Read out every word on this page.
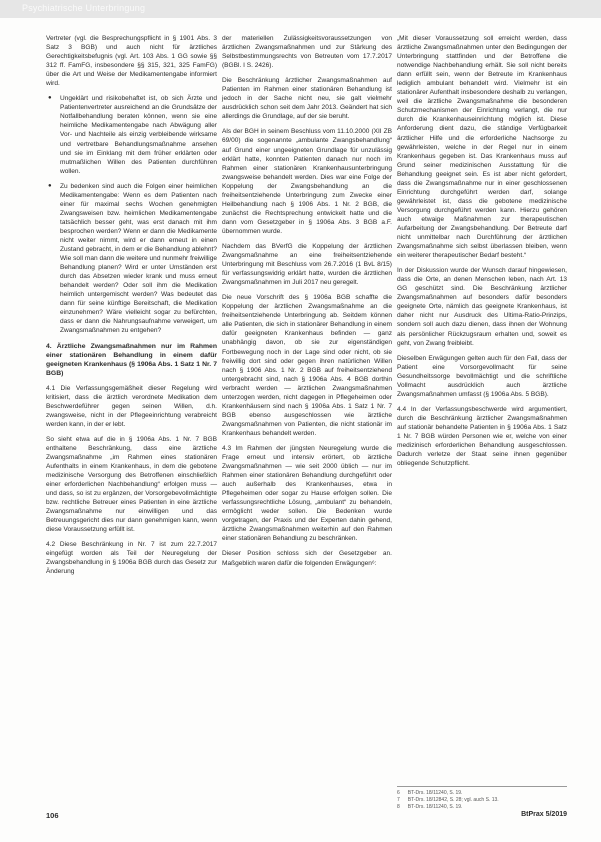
Psychiatrische Unterbringung

Vertreter (vgl. die Besprechungspflicht in § 1901 Abs. 3 Satz 3 BGB) und auch nicht für ärztliches Gerechtigkeitsbefugnis (vgl. Art. 103 Abs. 1 GG sowie §§ 312 ff. FamFG, insbesondere §§ 315, 321, 325 FamFG) über die Art und Weise der Medikamentengabe informiert wird.

● Ungeklärt und risikobehaftet ist, ob sich Ärzte und Patientenvertreter ausreichend an die Grundsätze der Notfallbehandlung beraten können, wenn sie eine heimliche Medikamentengabe nach Abwägung aller Vor- und Nachteile als einzig verbleibende wirksame und vertretbare Behandlungsmaßnahme ansehen und sie im Einklang mit dem früher erklärten oder mutmaßlichen Willen des Patienten durchführen wollen.
● Zu bedenken sind auch die Folgen einer heimlichen Medikamentengabe: Wenn es dem Patienten nach einer für maximal sechs Wochen genehmigten Zwangsweisen bzw. heimlichen Medikamentengabe tatsächlich besser geht, was erst danach mit ihm besprochen werden? Wenn er dann die Medikamente nicht weiter nimmt, wird er dann erneut in einen Zustand gebracht, in dem er die Behandlung ablehnt? Wie soll man dann die weitere und nunmehr freiwillige Behandlung planen? Wird er unter Umständen erst durch das Absetzen wieder krank und muss erneut behandelt werden? Oder soll ihm die Medikation heimlich untergemischt werden? Was bedeutet das dann für seine künftige Bereitschaft, die Medikation einzunehmen? Wäre vielleicht sogar zu befürchten, dass er dann die Nahrungsaufnahme verweigert, um Zwangsmaßnahmen zu entgehen?
4. Ärztliche Zwangsmaßnahmen nur im Rahmen einer stationären Behandlung in einem dafür geeigneten Krankenhaus (§ 1906a Abs. 1 Satz 1 Nr. 7 BGB)

4.1 Die Verfassungsgemäßheit dieser Regelung wird kritisiert, dass die ärztlich verordnete Medikation dem Beschwerdeführer gegen seinen Willen, d.h. zwangsweise, nicht in der Pflegeeinrichtung verabreicht werden kann, in der er lebt.

So sieht etwa auf die in § 1906a Abs. 1 Nr. 7 BGB enthaltene Beschränkung, dass eine ärztliche Zwangsmaßnahme „im Rahmen eines stationären Aufenthalts in einem Krankenhaus, in dem die gebotene medizinische Versorgung des Betroffenen einschließlich einer erforderlichen Nachbehandlung“ erfolgen muss — und dass, so ist zu ergänzen, der Vorsorgebevollmächtigte bzw. rechtliche Betreuer eines Patienten in eine ärztliche Zwangsmaßnahme nur einwilligen und das Betreuungsgericht dies nur dann genehmigen kann, wenn diese Voraussetzung erfüllt ist.

4.2 Diese Beschränkung in Nr. 7 ist zum 22.7.2017 eingefügt worden als Teil der Neuregelung der Zwangsbehandlung in § 1906a BGB durch das Gesetz zur Änderung

der materiellen Zulässigkeitsvoraussetzungen von ärztlichen Zwangsmaßnahmen und zur Stärkung des Selbstbestimmungsrechts von Betreuten vom 17.7.2017 (BGBl. I S. 2426).

Die Beschränkung ärztlicher Zwangsmaßnahmen auf Patienten im Rahmen einer stationären Behandlung ist jedoch in der Sache nicht neu, sie galt vielmehr ausdrücklich schon seit dem Jahr 2013. Geändert hat sich allerdings die Grundlage, auf der sie beruht.

Als der BGH in seinem Beschluss vom 11.10.2000 (XII ZB 69/00) die sogenannte „ambulante Zwangsbehandlung“ auf Grund einer ungeeigneten Grundlage für unzulässig erklärt hatte, konnten Patienten danach nur noch im Rahmen einer stationären Krankenhausunterbringung zwangsweise behandelt werden. Dies war eine Folge der Koppelung der Zwangsbehandlung an die freiheitsentziehende Unterbringung zum Zwecke einer Heilbehandlung nach § 1906 Abs. 1 Nr. 2 BGB, die zunächst die Rechtsprechung entwickelt hatte und die dann vom Gesetzgeber in § 1906a Abs. 3 BGB a.F. übernommen wurde.

Nachdem das BVerfG die Koppelung der ärztlichen Zwangsmaßnahme an eine freiheitsentziehende Unterbringung mit Beschluss vom 26.7.2016 (1 BvL 8/15) für verfassungswidrig erklärt hatte, wurden die ärztlichen Zwangsmaßnahmen im Juli 2017 neu geregelt.

Die neue Vorschrift des § 1906a BGB schaffte die Koppelung der ärztlichen Zwangsmaßnahme an die freiheitsentziehende Unterbringung ab. Seitdem können alle Patienten, die sich in stationärer Behandlung in einem dafür geeigneten Krankenhaus befinden — ganz unabhängig davon, ob sie zur eigenständigen Fortbewegung noch in der Lage sind oder nicht, ob sie freiwillig dort sind oder gegen ihren natürlichen Willen nach § 1906 Abs. 1 Nr. 2 BGB auf freiheitsentziehend untergebracht sind, nach § 1906a Abs. 4 BGB dorthin verbracht werden — ärztlichen Zwangsmaßnahmen unterzogen werden, nicht dagegen in Pflegeheimen oder Krankenhäusern sind nach § 1906a Abs. 1 Satz 1 Nr. 7 BGB ebenso ausgeschlossen wie ärztliche Zwangsmaßnahmen von Patienten, die nicht stationär im Krankenhaus behandelt werden.

4.3 Im Rahmen der jüngsten Neuregelung wurde die Frage erneut und intensiv erörtert, ob ärztliche Zwangsmaßnahmen — wie seit 2000 üblich — nur im Rahmen einer stationären Behandlung durchgeführt oder auch außerhalb des Krankenhauses, etwa in Pflegeheimen oder sogar zu Hause erfolgen sollen. Die verfassungsrechtliche Lösung, „ambulant“ zu behandeln, ermöglicht weder sollen. Die Bedenken wurde vorgetragen, der Praxis und der Experten dahin gehend, ärztliche Zwangsmaßnahmen weiterhin auf den Rahmen einer stationären Behandlung zu beschränken.

Dieser Position schloss sich der Gesetzgeber an. Maßgeblich waren dafür die folgenden Erwägungen⁶:

„Mit dieser Voraussetzung soll erreicht werden, dass ärztliche Zwangsmaßnahmen unter den Bedingungen der Unterbringung stattfinden und der Betroffene die notwendige Nachbehandlung erhält. Sie soll nicht bereits dann erfüllt sein, wenn der Betreute im Krankenhaus lediglich ambulant behandelt wird. Vielmehr ist ein stationärer Aufenthalt insbesondere deshalb zu verlangen, weil die ärztliche Zwangsmaßnahme die besonderen Schutzmechanismen der Einrichtung verlangt, die nur durch die Krankenhauseinrichtung möglich ist. Diese Anforderung dient dazu, die ständige Verfügbarkeit ärztlicher Hilfe und die erforderliche Nachsorge zu gewährleisten, welche in der Regel nur in einem Krankenhaus gegeben ist. Das Krankenhaus muss auf Grund seiner medizinischen Ausstattung für die Behandlung geeignet sein. Es ist aber nicht gefordert, dass die Zwangsmaßnahme nur in einer geschlossenen Einrichtung durchgeführt werden darf, solange gewährleistet ist, dass die gebotene medizinische Versorgung durchgeführt werden kann. Hierzu gehören auch etwaige Maßnahmen zur therapeutischen Aufarbeitung der Zwangsbehandlung. Der Betreute darf nicht unmittelbar nach Durchführung der ärztlichen Zwangsmaßnahme sich selbst überlassen bleiben, wenn ein weiterer therapeutischer Bedarf besteht.“

In der Diskussion wurde der Wunsch darauf hingewiesen, dass die Orte, an denen Menschen leben, nach Art. 13 GG geschützt sind. Die Beschränkung ärztlicher Zwangsmaßnahmen auf besonders dafür besonders geeignete Orte, nämlich das geeignete Krankenhaus, ist daher nicht nur Ausdruck des Ultima-Ratio-Prinzips, sondern soll auch dazu dienen, dass ihnen der Wohnung als persönlicher Rückzugsraum erhalten und, soweit es geht, von Zwang freibleibt.

Dieselben Erwägungen gelten auch für den Fall, dass der Patient eine Vorsorgevollmacht für seine Gesundheitssorge bevollmächtigt und die schriftliche Vollmacht ausdrücklich auch ärztliche Zwangsmaßnahmen umfasst (§ 1906a Abs. 5 BGB).

4.4 In der Verfassungsbeschwerde wird argumentiert, durch die Beschränkung ärztlicher Zwangsmaßnahmen auf stationär behandelte Patienten in § 1906a Abs. 1 Satz 1 Nr. 7 BGB würden Personen wie er, welche von einer medizinisch erforderlichen Behandlung ausgeschlossen. Dadurch verletze der Staat seine ihnen gegenüber obliegende Schutzpflicht.

6 BT-Drs. 18/11240, S. 19.
7 BT-Drs. 18/12842, S. 28; vgl. auch S. 13.
8 BT-Drs. 18/11240, S. 19.
106	BtPrax 5/2019
